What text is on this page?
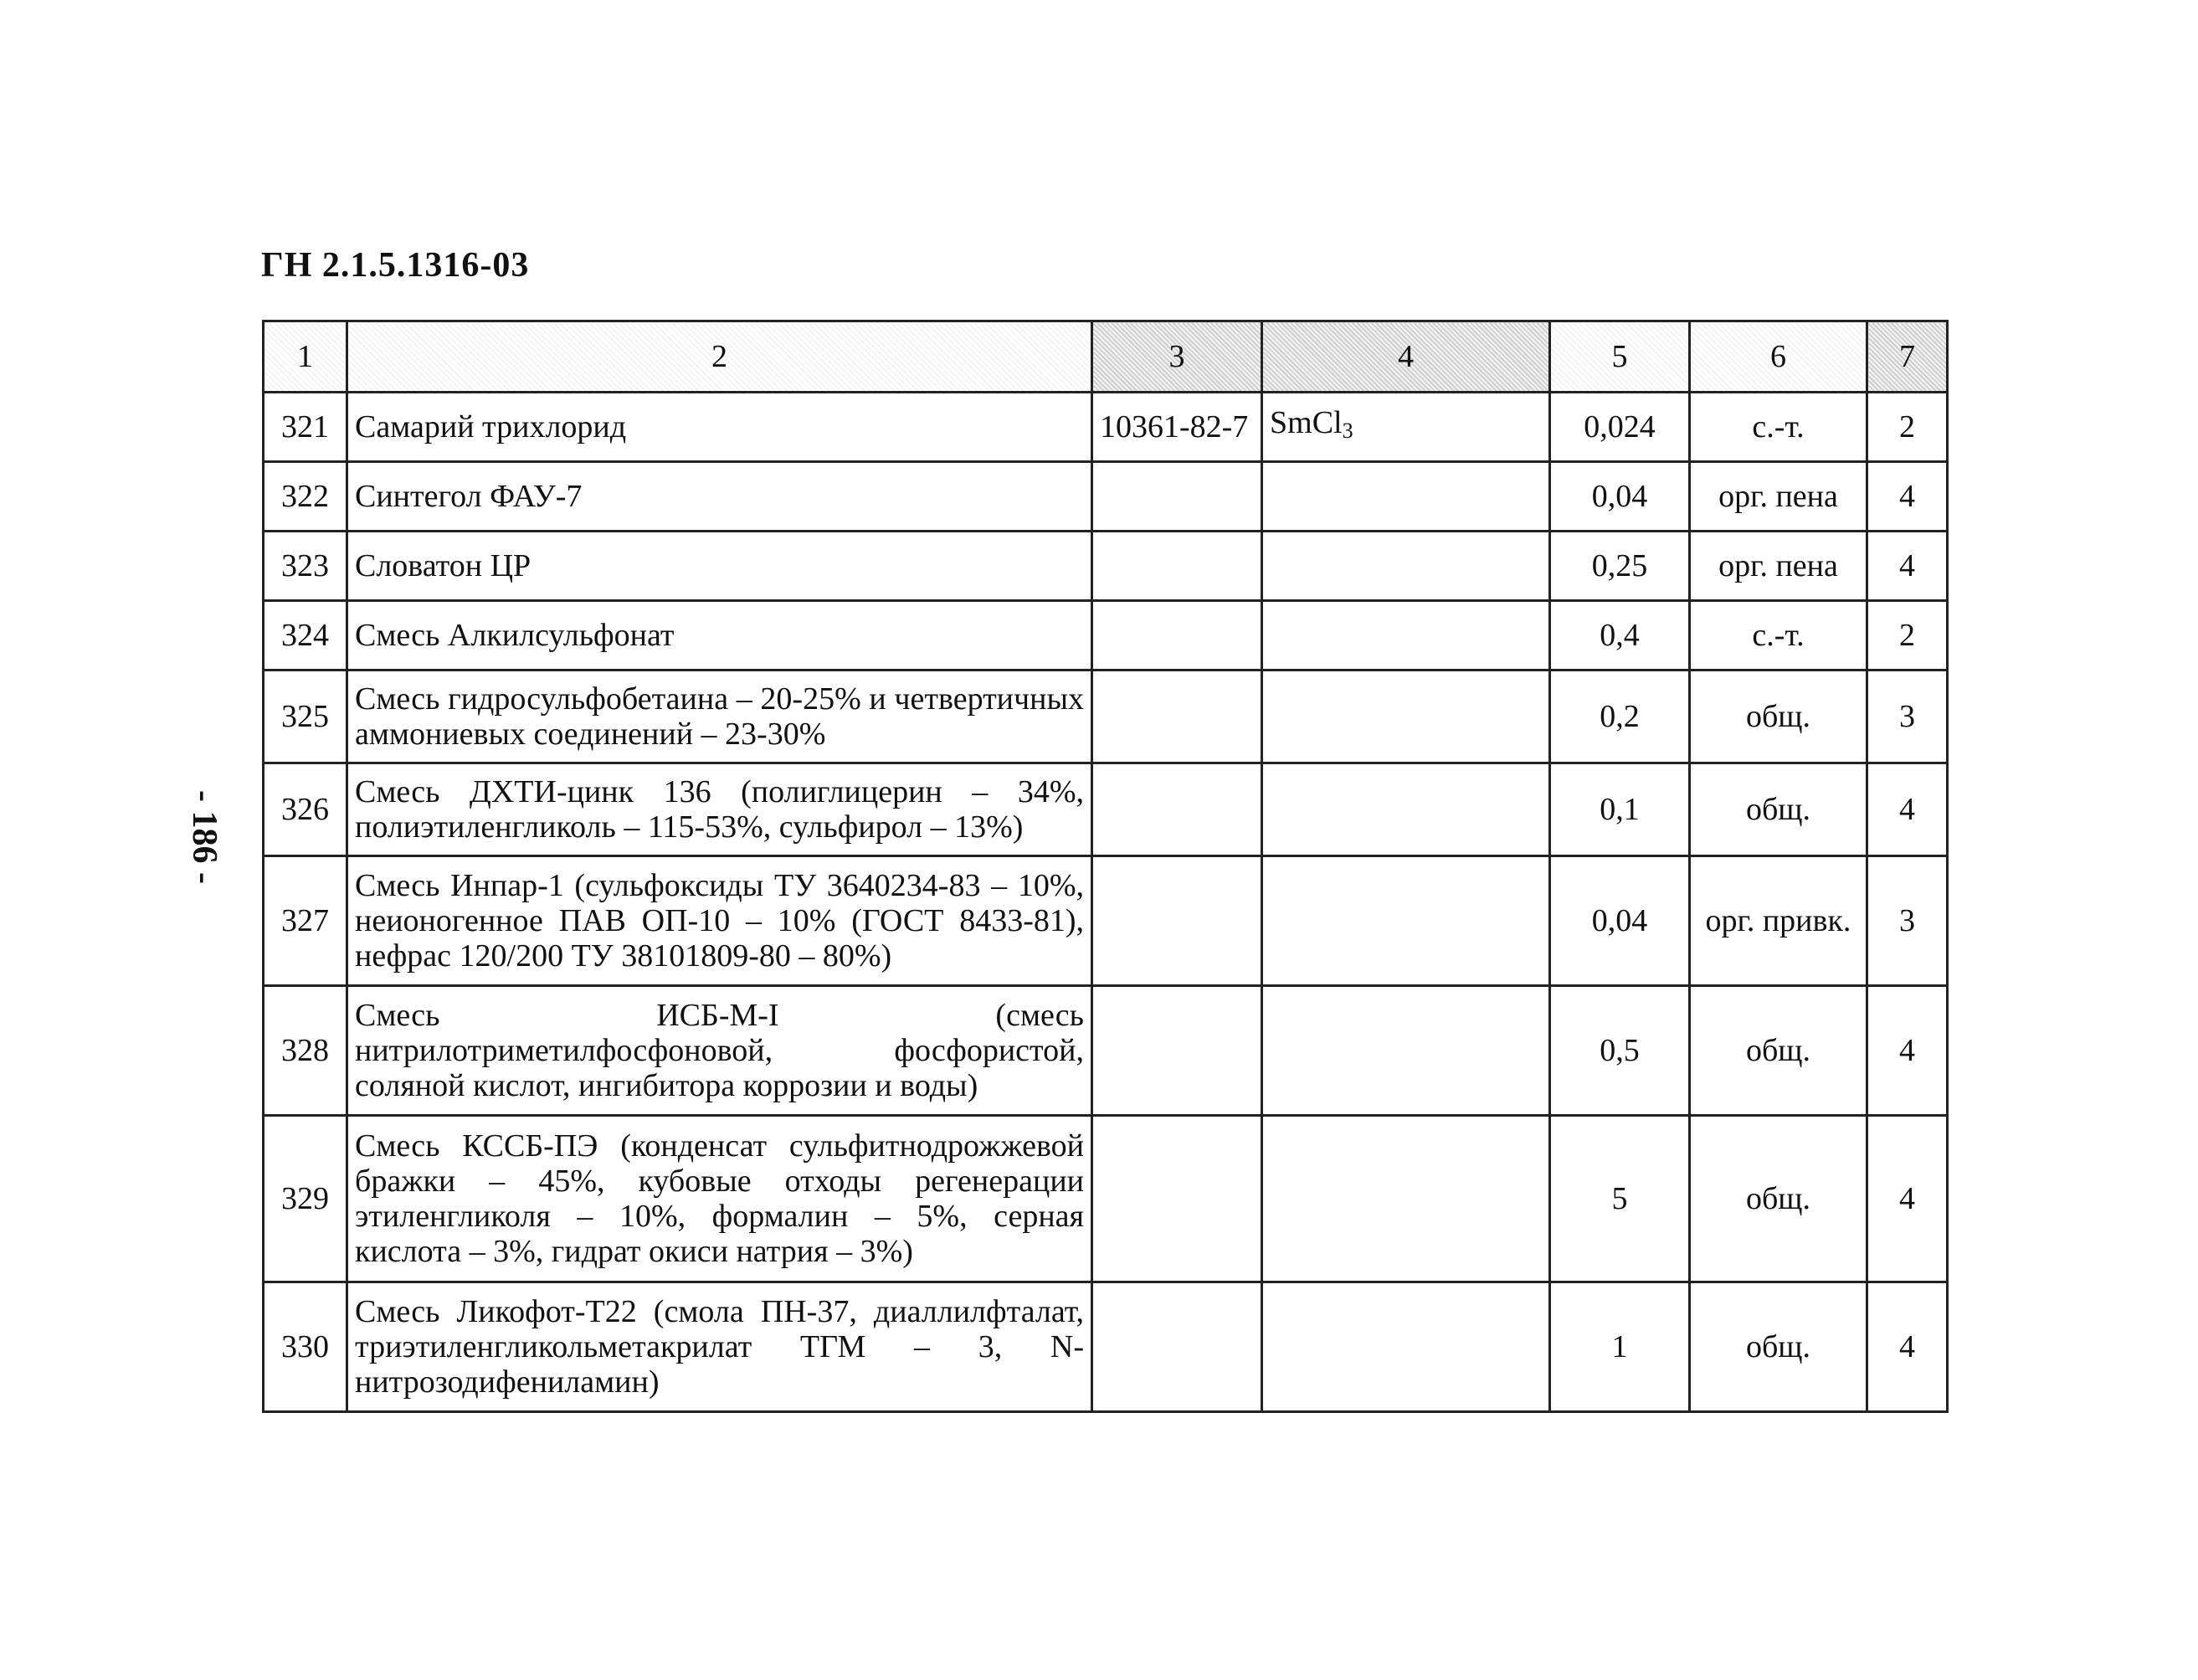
ГН 2.1.5.1316-03
- 186 -
1	2	3	4	5	6	7
321	Самарий трихлорид	10361-82-7	SmCl$_3$	0,024	с.-т.	2
322	Синтегол ФАУ-7			0,04	орг. пена	4
323	Словатон ЦР			0,25	орг. пена	4
324	Смесь Алкилсульфонат			0,4	с.-т.	2
325	Смесь гидросульфобетаина – 20-25% и четвертичных аммониевых соединений – 23-30%			0,2	общ.	3
326	Смесь ДХТИ-цинк 136 (полиглицерин – 34%, полиэтиленгликоль – 115-53%, сульфирол – 13%)			0,1	общ.	4
327	Смесь Инпар-1 (сульфоксиды ТУ 3640234-83 – 10%, неионогенное ПАВ ОП-10 – 10% (ГОСТ 8433-81), нефрас 120/200 ТУ 38101809-80 – 80%)			0,04	орг. привк.	3
328	Смесь ИСБ-М-I (смесь нитрилотриметилфосфоновой, фосфористой, соляной кислот, ингибитора коррозии и воды)			0,5	общ.	4
329	Смесь КССБ-ПЭ (конденсат сульфитнодрожжевой бражки – 45%, кубовые отходы регенерации этиленгликоля – 10%, формалин – 5%, серная кислота – 3%, гидрат окиси натрия – 3%)			5	общ.	4
330	Смесь Ликофот-Т22 (смола ПН-37, диаллилфталат, триэтиленгликольметакрилат ТГМ – 3, N-нитрозодифениламин)			1	общ.	4
